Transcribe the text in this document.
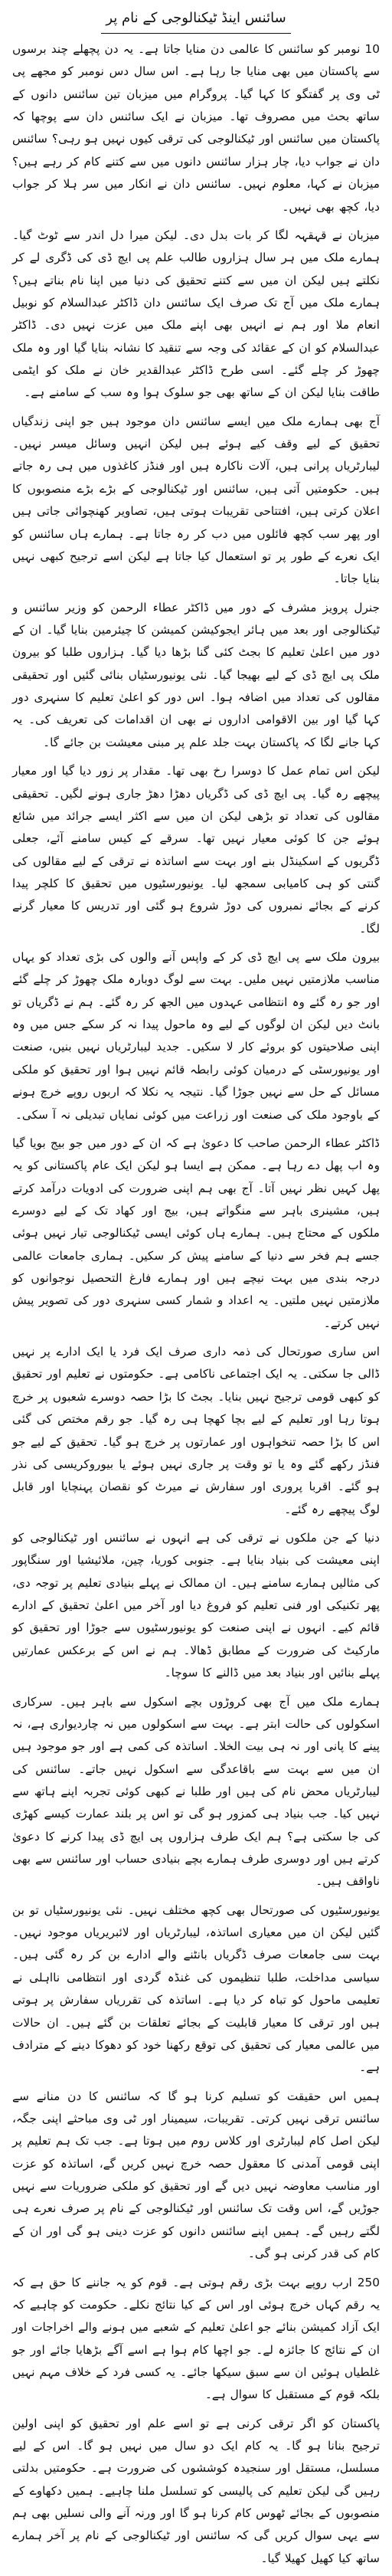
سائنس اینڈ ٹیکنالوجی کے نام پر

10 نومبر کو سائنس کا عالمی دن منایا جاتا ہے۔ یہ دن پچھلے چند برسوں سے پاکستان میں بھی منایا جا رہا ہے۔ اس سال دس نومبر کو مجھے پی ٹی وی پر گفتگو کا کہا گیا۔ پروگرام میں میزبان تین سائنس دانوں کے ساتھ بحث میں مصروف تھا۔ میزبان نے ایک سائنس دان سے پوچھا کہ پاکستان میں سائنس اور ٹیکنالوجی کی ترقی کیوں نہیں ہو رہی؟ سائنس دان نے جواب دیا، چار ہزار سائنس دانوں میں سے کتنے کام کر رہے ہیں؟ میزبان نے کہا، معلوم نہیں۔ سائنس دان نے انکار میں سر ہلا کر جواب دیا، کچھ بھی نہیں۔

میزبان نے قہقہہ لگا کر بات بدل دی۔ لیکن میرا دل اندر سے ٹوٹ گیا۔ ہمارے ملک میں ہر سال ہزاروں طالب علم پی ایچ ڈی کی ڈگری لے کر نکلتے ہیں لیکن ان میں سے کتنے تحقیق کی دنیا میں اپنا نام بناتے ہیں؟ ہمارے ملک میں آج تک صرف ایک سائنس دان ڈاکٹر عبدالسلام کو نوبیل انعام ملا اور ہم نے انہیں بھی اپنے ملک میں عزت نہیں دی۔ ڈاکٹر عبدالسلام کو ان کے عقائد کی وجہ سے تنقید کا نشانہ بنایا گیا اور وہ ملک چھوڑ کر چلے گئے۔ اسی طرح ڈاکٹر عبدالقدیر خان نے ملک کو ایٹمی طاقت بنایا لیکن ان کے ساتھ بھی جو سلوک ہوا وہ سب کے سامنے ہے۔

آج بھی ہمارے ملک میں ایسے سائنس دان موجود ہیں جو اپنی زندگیاں تحقیق کے لیے وقف کیے ہوئے ہیں لیکن انہیں وسائل میسر نہیں۔ لیبارٹریاں پرانی ہیں، آلات ناکارہ ہیں اور فنڈز کاغذوں میں ہی رہ جاتے ہیں۔ حکومتیں آتی ہیں، سائنس اور ٹیکنالوجی کے بڑے بڑے منصوبوں کا اعلان کرتی ہیں، افتتاحی تقریبات ہوتی ہیں، تصاویر کھنچوائی جاتی ہیں اور پھر سب کچھ فائلوں میں دب کر رہ جاتا ہے۔ ہمارے ہاں سائنس کو ایک نعرے کے طور پر تو استعمال کیا جاتا ہے لیکن اسے ترجیح کبھی نہیں بنایا جاتا۔

جنرل پرویز مشرف کے دور میں ڈاکٹر عطاء الرحمن کو وزیر سائنس و ٹیکنالوجی اور بعد میں ہائر ایجوکیشن کمیشن کا چیئرمین بنایا گیا۔ ان کے دور میں اعلیٰ تعلیم کا بجٹ کئی گنا بڑھا دیا گیا۔ ہزاروں طلبا کو بیرون ملک پی ایچ ڈی کے لیے بھیجا گیا۔ نئی یونیورسٹیاں بنائی گئیں اور تحقیقی مقالوں کی تعداد میں اضافہ ہوا۔ اس دور کو اعلیٰ تعلیم کا سنہری دور کہا گیا اور بین الاقوامی اداروں نے بھی ان اقدامات کی تعریف کی۔ یہ کہا جانے لگا کہ پاکستان بہت جلد علم پر مبنی معیشت بن جائے گا۔

لیکن اس تمام عمل کا دوسرا رخ بھی تھا۔ مقدار پر زور دیا گیا اور معیار پیچھے رہ گیا۔ پی ایچ ڈی کی ڈگریاں دھڑا دھڑ جاری ہونے لگیں۔ تحقیقی مقالوں کی تعداد تو بڑھی لیکن ان میں سے اکثر ایسے جرائد میں شائع ہوئے جن کا کوئی معیار نہیں تھا۔ سرقے کے کیس سامنے آئے، جعلی ڈگریوں کے اسکینڈل بنے اور بہت سے اساتذہ نے ترقی کے لیے مقالوں کی گنتی کو ہی کامیابی سمجھ لیا۔ یونیورسٹیوں میں تحقیق کا کلچر پیدا کرنے کے بجائے نمبروں کی دوڑ شروع ہو گئی اور تدریس کا معیار گرنے لگا۔

بیرون ملک سے پی ایچ ڈی کر کے واپس آنے والوں کی بڑی تعداد کو یہاں مناسب ملازمتیں نہیں ملیں۔ بہت سے لوگ دوبارہ ملک چھوڑ کر چلے گئے اور جو رہ گئے وہ انتظامی عہدوں میں الجھ کر رہ گئے۔ ہم نے ڈگریاں تو بانٹ دیں لیکن ان لوگوں کے لیے وہ ماحول پیدا نہ کر سکے جس میں وہ اپنی صلاحیتوں کو بروئے کار لا سکیں۔ جدید لیبارٹریاں نہیں بنیں، صنعت اور یونیورسٹی کے درمیان کوئی رابطہ قائم نہیں ہوا اور تحقیق کو ملکی مسائل کے حل سے نہیں جوڑا گیا۔ نتیجہ یہ نکلا کہ اربوں روپے خرچ ہونے کے باوجود ملک کی صنعت اور زراعت میں کوئی نمایاں تبدیلی نہ آ سکی۔

ڈاکٹر عطاء الرحمن صاحب کا دعویٰ ہے کہ ان کے دور میں جو بیج بویا گیا وہ اب پھل دے رہا ہے۔ ممکن ہے ایسا ہو لیکن ایک عام پاکستانی کو یہ پھل کہیں نظر نہیں آتا۔ آج بھی ہم اپنی ضرورت کی ادویات درآمد کرتے ہیں، مشینری باہر سے منگواتے ہیں، بیج اور کھاد تک کے لیے دوسرے ملکوں کے محتاج ہیں۔ ہمارے ہاں کوئی ایسی ٹیکنالوجی تیار نہیں ہوئی جسے ہم فخر سے دنیا کے سامنے پیش کر سکیں۔ ہماری جامعات عالمی درجہ بندی میں بہت نیچے ہیں اور ہمارے فارغ التحصیل نوجوانوں کو ملازمتیں نہیں ملتیں۔ یہ اعداد و شمار کسی سنہری دور کی تصویر پیش نہیں کرتے۔

اس ساری صورتحال کی ذمہ داری صرف ایک فرد یا ایک ادارے پر نہیں ڈالی جا سکتی۔ یہ ایک اجتماعی ناکامی ہے۔ حکومتوں نے تعلیم اور تحقیق کو کبھی قومی ترجیح نہیں بنایا۔ بجٹ کا بڑا حصہ دوسرے شعبوں پر خرچ ہوتا رہا اور تعلیم کے لیے بچا کھچا ہی رہ گیا۔ جو رقم مختص کی گئی اس کا بڑا حصہ تنخواہوں اور عمارتوں پر خرچ ہو گیا۔ تحقیق کے لیے جو فنڈز رکھے گئے وہ یا تو وقت پر جاری نہیں ہوئے یا بیوروکریسی کی نذر ہو گئے۔ اقربا پروری اور سفارش نے میرٹ کو نقصان پہنچایا اور قابل لوگ پیچھے رہ گئے۔

دنیا کے جن ملکوں نے ترقی کی ہے انہوں نے سائنس اور ٹیکنالوجی کو اپنی معیشت کی بنیاد بنایا ہے۔ جنوبی کوریا، چین، ملائیشیا اور سنگاپور کی مثالیں ہمارے سامنے ہیں۔ ان ممالک نے پہلے بنیادی تعلیم پر توجہ دی، پھر تکنیکی اور فنی تعلیم کو فروغ دیا اور آخر میں اعلیٰ تحقیق کے ادارے قائم کیے۔ انہوں نے اپنی صنعت کو یونیورسٹیوں سے جوڑا اور تحقیق کو مارکیٹ کی ضرورت کے مطابق ڈھالا۔ ہم نے اس کے برعکس عمارتیں پہلے بنائیں اور بنیاد بعد میں ڈالنے کا سوچا۔

ہمارے ملک میں آج بھی کروڑوں بچے اسکول سے باہر ہیں۔ سرکاری اسکولوں کی حالت ابتر ہے۔ بہت سے اسکولوں میں نہ چاردیواری ہے، نہ پینے کا پانی اور نہ ہی بیت الخلا۔ اساتذہ کی کمی ہے اور جو موجود ہیں ان میں سے بہت سے باقاعدگی سے اسکول نہیں جاتے۔ سائنس کی لیبارٹریاں محض نام کی ہیں اور طلبا نے کبھی کوئی تجربہ اپنے ہاتھ سے نہیں کیا۔ جب بنیاد ہی کمزور ہو گی تو اس پر بلند عمارت کیسے کھڑی کی جا سکتی ہے؟ ہم ایک طرف ہزاروں پی ایچ ڈی پیدا کرنے کا دعویٰ کرتے ہیں اور دوسری طرف ہمارے بچے بنیادی حساب اور سائنس سے بھی ناواقف ہیں۔

یونیورسٹیوں کی صورتحال بھی کچھ مختلف نہیں۔ نئی یونیورسٹیاں تو بن گئیں لیکن ان میں معیاری اساتذہ، لیبارٹریاں اور لائبریریاں موجود نہیں۔ بہت سی جامعات صرف ڈگریاں بانٹنے والے ادارے بن کر رہ گئی ہیں۔ سیاسی مداخلت، طلبا تنظیموں کی غنڈہ گردی اور انتظامی نااہلی نے تعلیمی ماحول کو تباہ کر دیا ہے۔ اساتذہ کی تقرریاں سفارش پر ہوتی ہیں اور ترقی کا معیار قابلیت کے بجائے تعلقات بن گئے ہیں۔ ان حالات میں عالمی معیار کی تحقیق کی توقع رکھنا خود کو دھوکا دینے کے مترادف ہے۔

ہمیں اس حقیقت کو تسلیم کرنا ہو گا کہ سائنس کا دن منانے سے سائنس ترقی نہیں کرتی۔ تقریبات، سیمینار اور ٹی وی مباحثے اپنی جگہ، لیکن اصل کام لیبارٹری اور کلاس روم میں ہوتا ہے۔ جب تک ہم تعلیم پر اپنی قومی آمدنی کا معقول حصہ خرچ نہیں کریں گے، اساتذہ کو عزت اور مناسب معاوضہ نہیں دیں گے اور تحقیق کو ملکی ضروریات سے نہیں جوڑیں گے، اس وقت تک سائنس اور ٹیکنالوجی کے نام پر صرف نعرے ہی لگتے رہیں گے۔ ہمیں اپنے سائنس دانوں کو عزت دینی ہو گی اور ان کے کام کی قدر کرنی ہو گی۔

250 ارب روپے بہت بڑی رقم ہوتی ہے۔ قوم کو یہ جاننے کا حق ہے کہ یہ رقم کہاں خرچ ہوئی اور اس کے کیا نتائج نکلے۔ حکومت کو چاہیے کہ ایک آزاد کمیشن بنائے جو اعلیٰ تعلیم کے شعبے میں ہونے والے اخراجات اور ان کے نتائج کا جائزہ لے۔ جو اچھا کام ہوا ہے اسے آگے بڑھایا جائے اور جو غلطیاں ہوئیں ان سے سبق سیکھا جائے۔ یہ کسی فرد کے خلاف مہم نہیں بلکہ قوم کے مستقبل کا سوال ہے۔

پاکستان کو اگر ترقی کرنی ہے تو اسے علم اور تحقیق کو اپنی اولین ترجیح بنانا ہو گا۔ یہ کام ایک دو سال میں نہیں ہو گا۔ اس کے لیے مسلسل، مستقل اور سنجیدہ کوششوں کی ضرورت ہے۔ حکومتیں بدلتی رہیں گی لیکن تعلیم کی پالیسی کو تسلسل ملنا چاہیے۔ ہمیں دکھاوے کے منصوبوں کے بجائے ٹھوس کام کرنا ہو گا اور ورنہ آنے والی نسلیں بھی ہم سے یہی سوال کریں گی کہ سائنس اور ٹیکنالوجی کے نام پر آخر ہمارے ساتھ کیا کھیل کھیلا گیا۔
